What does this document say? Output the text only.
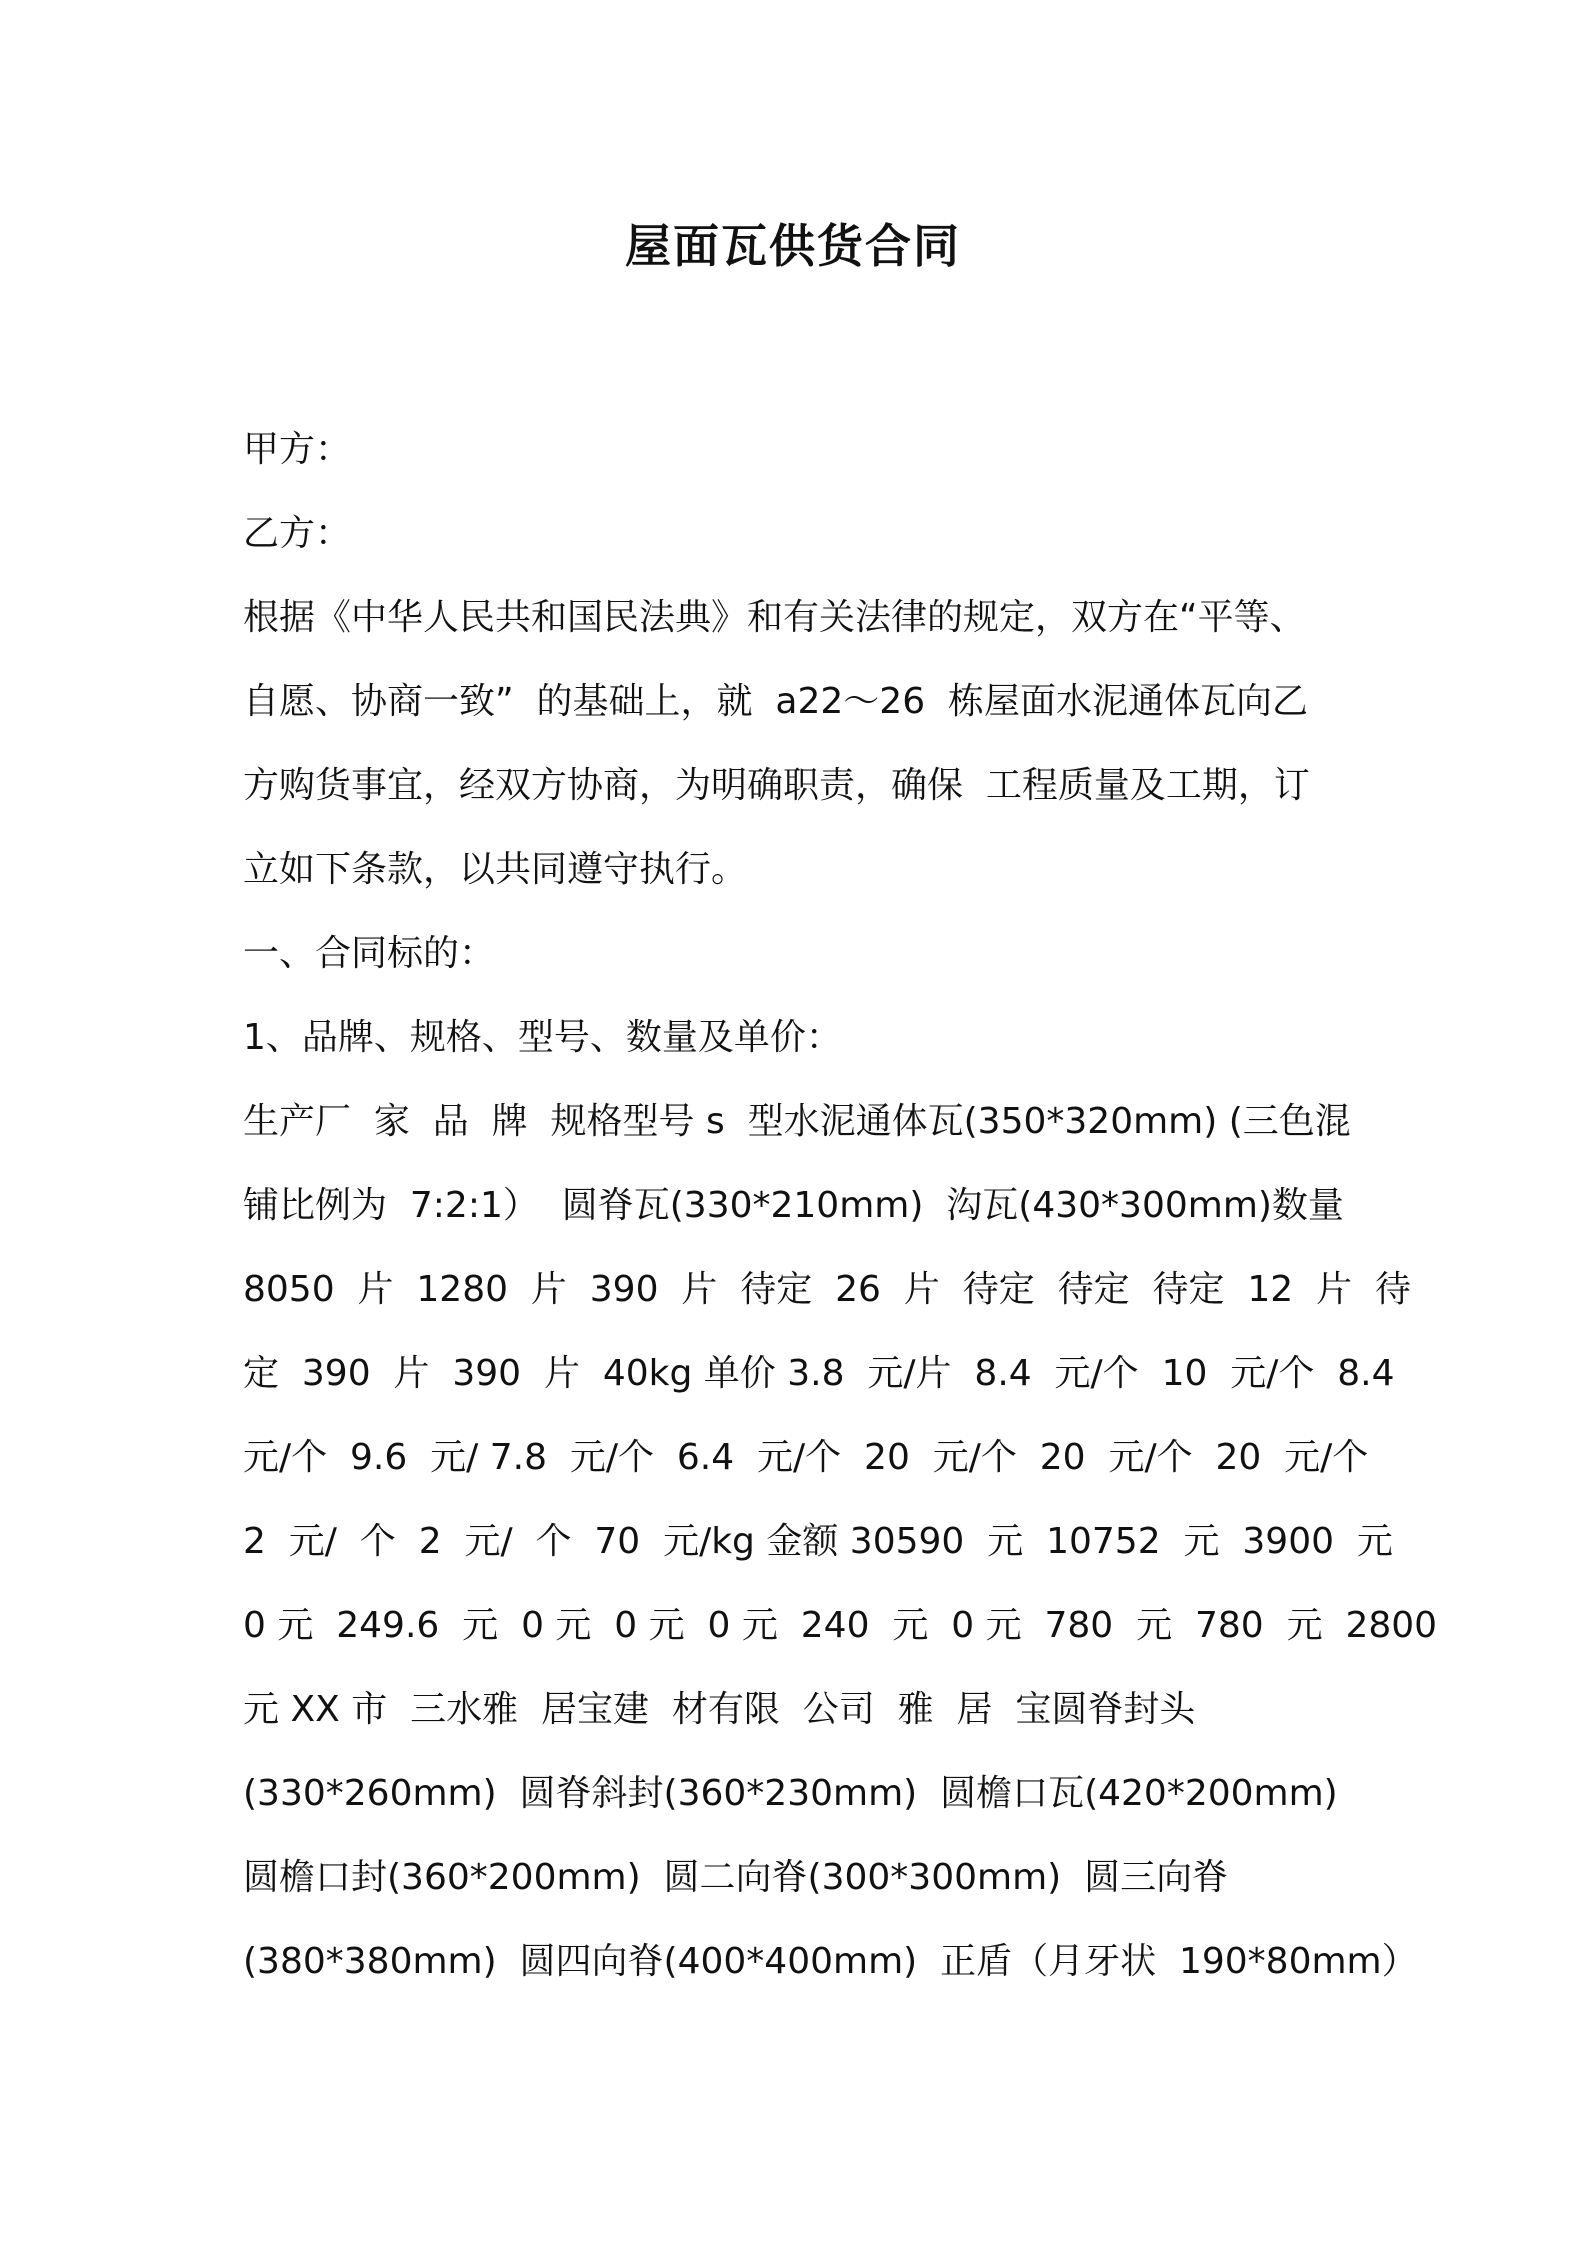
屋面瓦供货合同
甲方：
乙方：
根据《中华人民共和国民法典》和有关法律的规定，双方在“平等、
自愿、协商一致”  的基础上，就  a22～26  栋屋面水泥通体瓦向乙
方购货事宜，经双方协商，为明确职责，确保  工程质量及工期，订
立如下条款，以共同遵守执行。
一、合同标的：
1、品牌、规格、型号、数量及单价：
生产厂  家  品  牌  规格型号 s  型水泥通体瓦(350*320mm) (三色混
铺比例为  7:2:1）  圆脊瓦(330*210mm)  沟瓦(430*300mm)数量
8050  片  1280  片  390  片  待定  26  片  待定  待定  待定  12  片  待
定  390  片  390  片  40kg 单价 3.8  元/片  8.4  元/个  10  元/个  8.4
元/个  9.6  元/ 7.8  元/个  6.4  元/个  20  元/个  20  元/个  20  元/个
2  元/  个  2  元/  个  70  元/kg 金额 30590  元  10752  元  3900  元
0 元  249.6  元  0 元  0 元  0 元  240  元  0 元  780  元  780  元  2800
元 XX 市  三水雅  居宝建  材有限  公司  雅  居  宝圆脊封头
(330*260mm)  圆脊斜封(360*230mm)  圆檐口瓦(420*200mm)
圆檐口封(360*200mm)  圆二向脊(300*300mm)  圆三向脊
(380*380mm)  圆四向脊(400*400mm)  正盾（月牙状  190*80mm）
